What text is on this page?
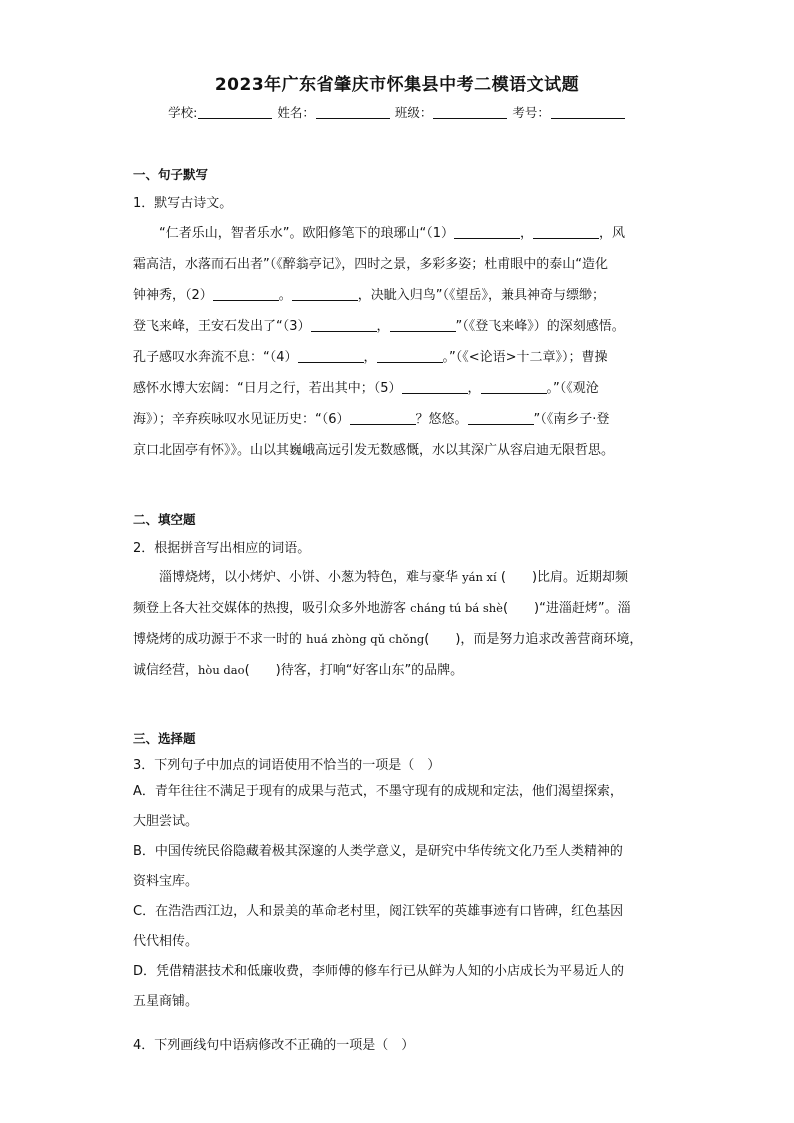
2023年广东省肇庆市怀集县中考二模语文试题
学校:	姓名：	班级：	考号：
一、句子默写
1．默写古诗文。
“仁者乐山，智者乐水”。欧阳修笔下的琅琊山“（1）	，	，风
霜高洁，水落而石出者”（《醉翁亭记》，四时之景，多彩多姿；杜甫眼中的泰山“造化
钟神秀，（2）	。	，决眦入归鸟”（《望岳》，兼具神奇与缥缈；
登飞来峰，王安石发出了“（3）	，	”（《登飞来峰》）的深刻感悟。
孔子感叹水奔流不息：“（4）	，	。”（《<论语>十二章》）；曹操
感怀水博大宏阔：“日月之行，若出其中；（5）	，	。”（《观沧
海》）；辛弃疾咏叹水见证历史：“（6）	？悠悠。	”（《南乡子·登
京口北固亭有怀》》。山以其巍峨高远引发无数感慨，水以其深广从容启迪无限哲思。
二、填空题
2．根据拼音写出相应的词语。
淄博烧烤，以小烤炉、小饼、小葱为特色，难与豪华 yán xí (　　)比肩。近期却频
频登上各大社交媒体的热搜，吸引众多外地游客 cháng tú bá shè(　　)“进淄赶烤”。淄
博烧烤的成功源于不求一时的 huá zhòng qǔ chǒng(　　)，而是努力追求改善营商环境，
诚信经营，hòu dao(　　)待客，打响“好客山东”的品牌。
三、选择题
3．下列句子中加点的词语使用不恰当的一项是（　）
A．青年往往不满足于现有的成果与范式，不墨守现有的成规和定法，他们渴望探索，
大胆尝试。
B．中国传统民俗隐藏着极其深邃的人类学意义，是研究中华传统文化乃至人类精神的
资料宝库。
C．在浩浩西江边，人和景美的革命老村里，阅江铁军的英雄事迹有口皆碑，红色基因
代代相传。
D．凭借精湛技术和低廉收费，李师傅的修车行已从鲜为人知的小店成长为平易近人的
五星商铺。
4．下列画线句中语病修改不正确的一项是（　）
